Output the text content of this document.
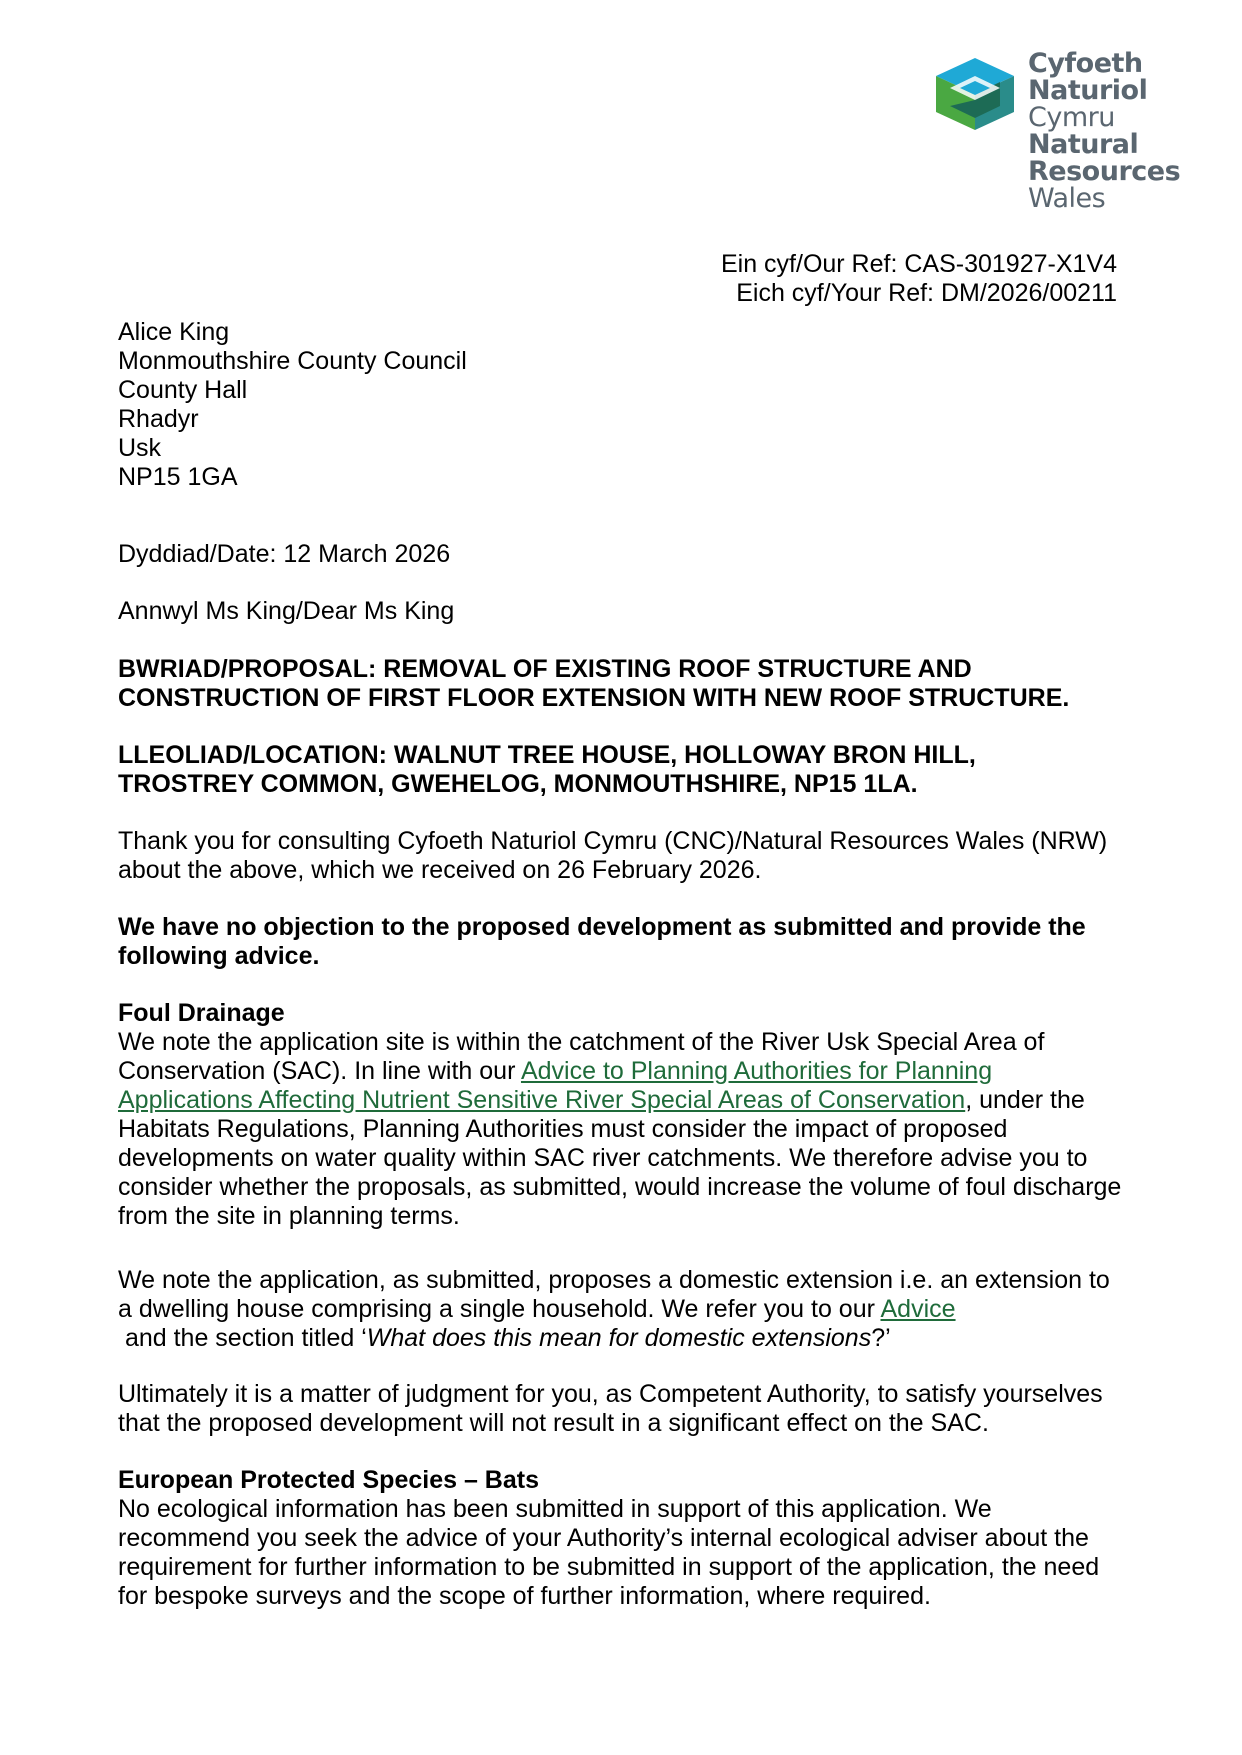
Cyfoeth
Naturiol
Cymru
Natural
Resources
Wales
Ein cyf/Our Ref: CAS-301927-X1V4
Eich cyf/Your Ref: DM/2026/00211
Alice King
Monmouthshire County Council
County Hall
Rhadyr
Usk
NP15 1GA
Dyddiad/Date: 12 March 2026
Annwyl Ms King/Dear Ms King
BWRIAD/PROPOSAL: REMOVAL OF EXISTING ROOF STRUCTURE AND
CONSTRUCTION OF FIRST FLOOR EXTENSION WITH NEW ROOF STRUCTURE.
LLEOLIAD/LOCATION: WALNUT TREE HOUSE, HOLLOWAY BRON HILL,
TROSTREY COMMON, GWEHELOG, MONMOUTHSHIRE, NP15 1LA.
Thank you for consulting Cyfoeth Naturiol Cymru (CNC)/Natural Resources Wales (NRW)
about the above, which we received on 26 February 2026.
We have no objection to the proposed development as submitted and provide the
following advice.
Foul Drainage
We note the application site is within the catchment of the River Usk Special Area of
Conservation (SAC). In line with our Advice to Planning Authorities for Planning
Applications Affecting Nutrient Sensitive River Special Areas of Conservation, under the
Habitats Regulations, Planning Authorities must consider the impact of proposed
developments on water quality within SAC river catchments. We therefore advise you to
consider whether the proposals, as submitted, would increase the volume of foul discharge
from the site in planning terms.
We note the application, as submitted, proposes a domestic extension i.e. an extension to
a dwelling house comprising a single household. We refer you to our Advice
and the section titled ‘What does this mean for domestic extensions?’
Ultimately it is a matter of judgment for you, as Competent Authority, to satisfy yourselves
that the proposed development will not result in a significant effect on the SAC.
European Protected Species – Bats
No ecological information has been submitted in support of this application. We
recommend you seek the advice of your Authority’s internal ecological adviser about the
requirement for further information to be submitted in support of the application, the need
for bespoke surveys and the scope of further information, where required.
